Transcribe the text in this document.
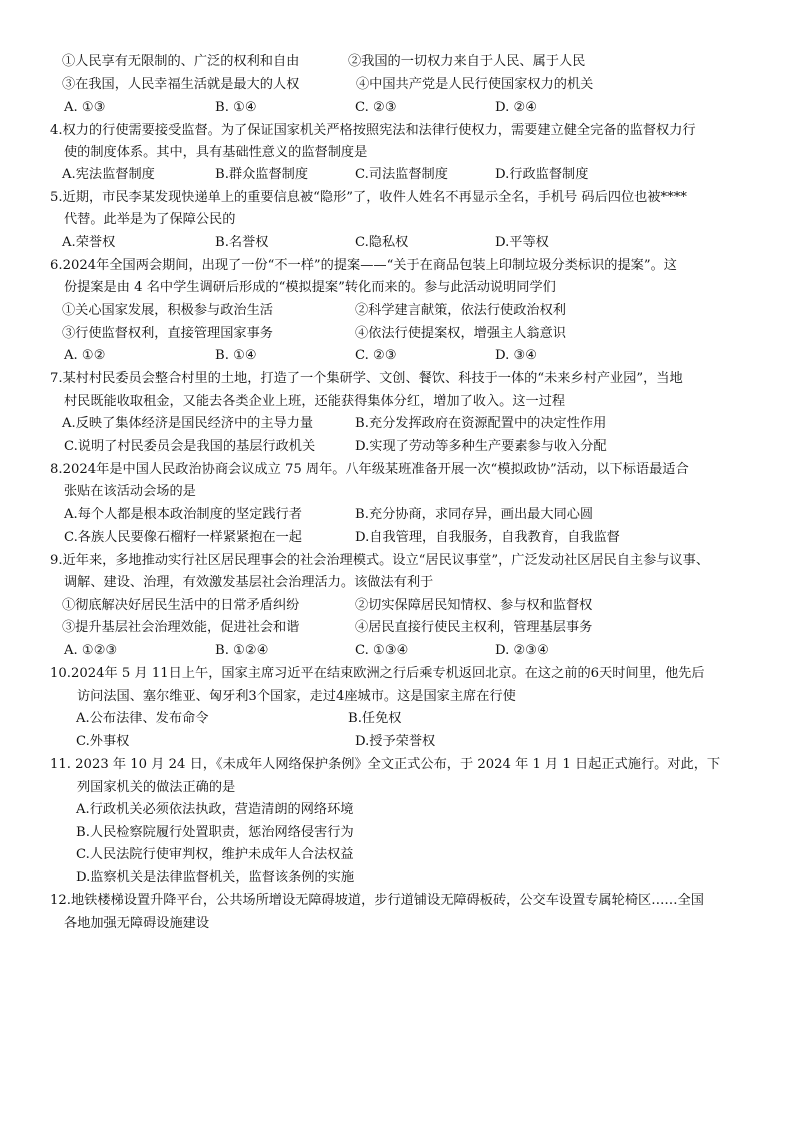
①人民享有无限制的、广泛的权利和自由	②我国的一切权力来自于人民、属于人民
③在我国，人民幸福生活就是最大的人权	④中国共产党是人民行使国家权力的机关
A. ①③	B. ①④	C. ②③	D. ②④
4.权力的行使需要接受监督。为了保证国家机关严格按照宪法和法律行使权力，需要建立健全完备的监督权力行
使的制度体系。其中，具有基础性意义的监督制度是
A.宪法监督制度	B.群众监督制度	C.司法监督制度	D.行政监督制度
5.近期，市民李某发现快递单上的重要信息被“隐形”了，收件人姓名不再显示全名，手机号 码后四位也被****
代替。此举是为了保障公民的
A.荣誉权	B.名誉权	C.隐私权	D.平等权
6.2024年全国两会期间，出现了一份“不一样”的提案——“关于在商品包装上印制垃圾分类标识的提案”。这
份提案是由 4 名中学生调研后形成的“模拟提案”转化而来的。参与此活动说明同学们
①关心国家发展，积极参与政治生活	②科学建言献策，依法行使政治权利
③行使监督权利，直接管理国家事务	④依法行使提案权，增强主人翁意识
A. ①②	B. ①④	C. ②③	D. ③④
7.某村村民委员会整合村里的土地，打造了一个集研学、文创、餐饮、科技于一体的“未来乡村产业园”，当地
村民既能收取租金，又能去各类企业上班，还能获得集体分红，增加了收入。这一过程
A.反映了集体经济是国民经济中的主导力量	B.充分发挥政府在资源配置中的决定性作用
C.说明了村民委员会是我国的基层行政机关	D.实现了劳动等多种生产要素参与收入分配
8.2024年是中国人民政治协商会议成立 75 周年。八年级某班准备开展一次“模拟政协”活动，以下标语最适合
张贴在该活动会场的是
A.每个人都是根本政治制度的坚定践行者	B.充分协商，求同存异，画出最大同心圆
C.各族人民要像石榴籽一样紧紧抱在一起	D.自我管理，自我服务，自我教育，自我监督
9.近年来，多地推动实行社区居民理事会的社会治理模式。设立“居民议事堂”，广泛发动社区居民自主参与议事、
调解、建设、治理，有效激发基层社会治理活力。该做法有利于
①彻底解决好居民生活中的日常矛盾纠纷	②切实保障居民知情权、参与权和监督权
③提升基层社会治理效能，促进社会和谐	④居民直接行使民主权利，管理基层事务
A. ①②③	B. ①②④	C. ①③④	D. ②③④
10.2024年 5 月 11日上午，国家主席习近平在结束欧洲之行后乘专机返回北京。在这之前的6天时间里，他先后
访问法国、塞尔维亚、匈牙利3个国家，走过4座城市。这是国家主席在行使
A.公布法律、发布命令	B.任免权
C.外事权	D.授予荣誉权
11. 2023 年 10 月 24 日，《未成年人网络保护条例》全文正式公布，于 2024 年 1 月 1 日起正式施行。对此，下
列国家机关的做法正确的是
A.行政机关必须依法执政，营造清朗的网络环境
B.人民检察院履行处置职责，惩治网络侵害行为
C.人民法院行使审判权，维护未成年人合法权益
D.监察机关是法律监督机关，监督该条例的实施
12.地铁楼梯设置升降平台，公共场所增设无障碍坡道，步行道铺设无障碍板砖，公交车设置专属轮椅区……全国
各地加强无障碍设施建设
